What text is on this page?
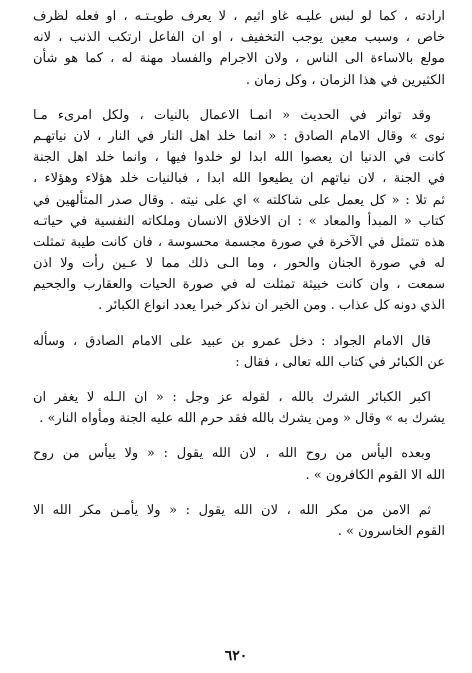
ارادته ، كما لو لبس عليـه غاو اثيم ، لا يعرف طويـتـه ، او فعله لظرف
خاص ، وسبب معين يوجب التخفيف ، او ان الفاعل ارتكب الذنب ، لانه
مولع بالاساءة الى الناس ، ولان الاجرام والفساد مهنة له ، كما هو شأن
الكثيرين في هذا الزمان ، وكل زمان .
وقد تواتر في الحديث « انمـا الاعمال بالنيات ، ولكل امرىء مـا
نوى » وقال الامام الصادق : « انما خلد اهل النار في النار ، لان نياتهـم
كانت في الدنيا ان يعصوا الله ابدا لو خلدوا فيها ، وانما خلد اهل الجنة
في الجنة ، لان نياتهم ان يطيعوا الله ابدا ، فبالنيات خلد هؤلاء وهؤلاء ،
ثم تلا : « كل يعمل على شاكلته » اي على نيته . وقال صدر المتألهين في
كتاب « المبدأ والمعاد » : ان الاخلاق الانسان وملكاته النفسية في حياتـه
هذه تتمثل في الآخرة في صورة مجسمة محسوسة ، فان كانت طيبة تمثلت
له في صورة الجنان والحور ، وما الـى ذلك مما لا عـين رأت ولا اذن
سمعت ، وان كانت خبيثة تمثلت له في صورة الحيات والعقارب والجحيم
الذي دونه كل عذاب . ومن الخير ان نذكر خبرا يعدد انواع الكبائر .
قال الامام الجواد : دخل عمرو بن عبيد على الامام الصادق ، وسأله
عن الكبائر في كتاب الله تعالى ، فقال :
اكبر الكبائر الشرك بالله ، لقوله عز وجل : « ان الـله لا يغفر ان
يشرك به » وقال « ومن يشرك بالله فقد حرم الله عليه الجنة ومأواه النار» .
وبعده اليأس من روح الله ، لان الله يقول : « ولا ييأس من روح
الله الا القوم الكافرون » .
ثم الامن من مكر الله ، لان الله يقول : « ولا يأمـن مكر الله الا
القوم الخاسرون » .
٦٢٠
